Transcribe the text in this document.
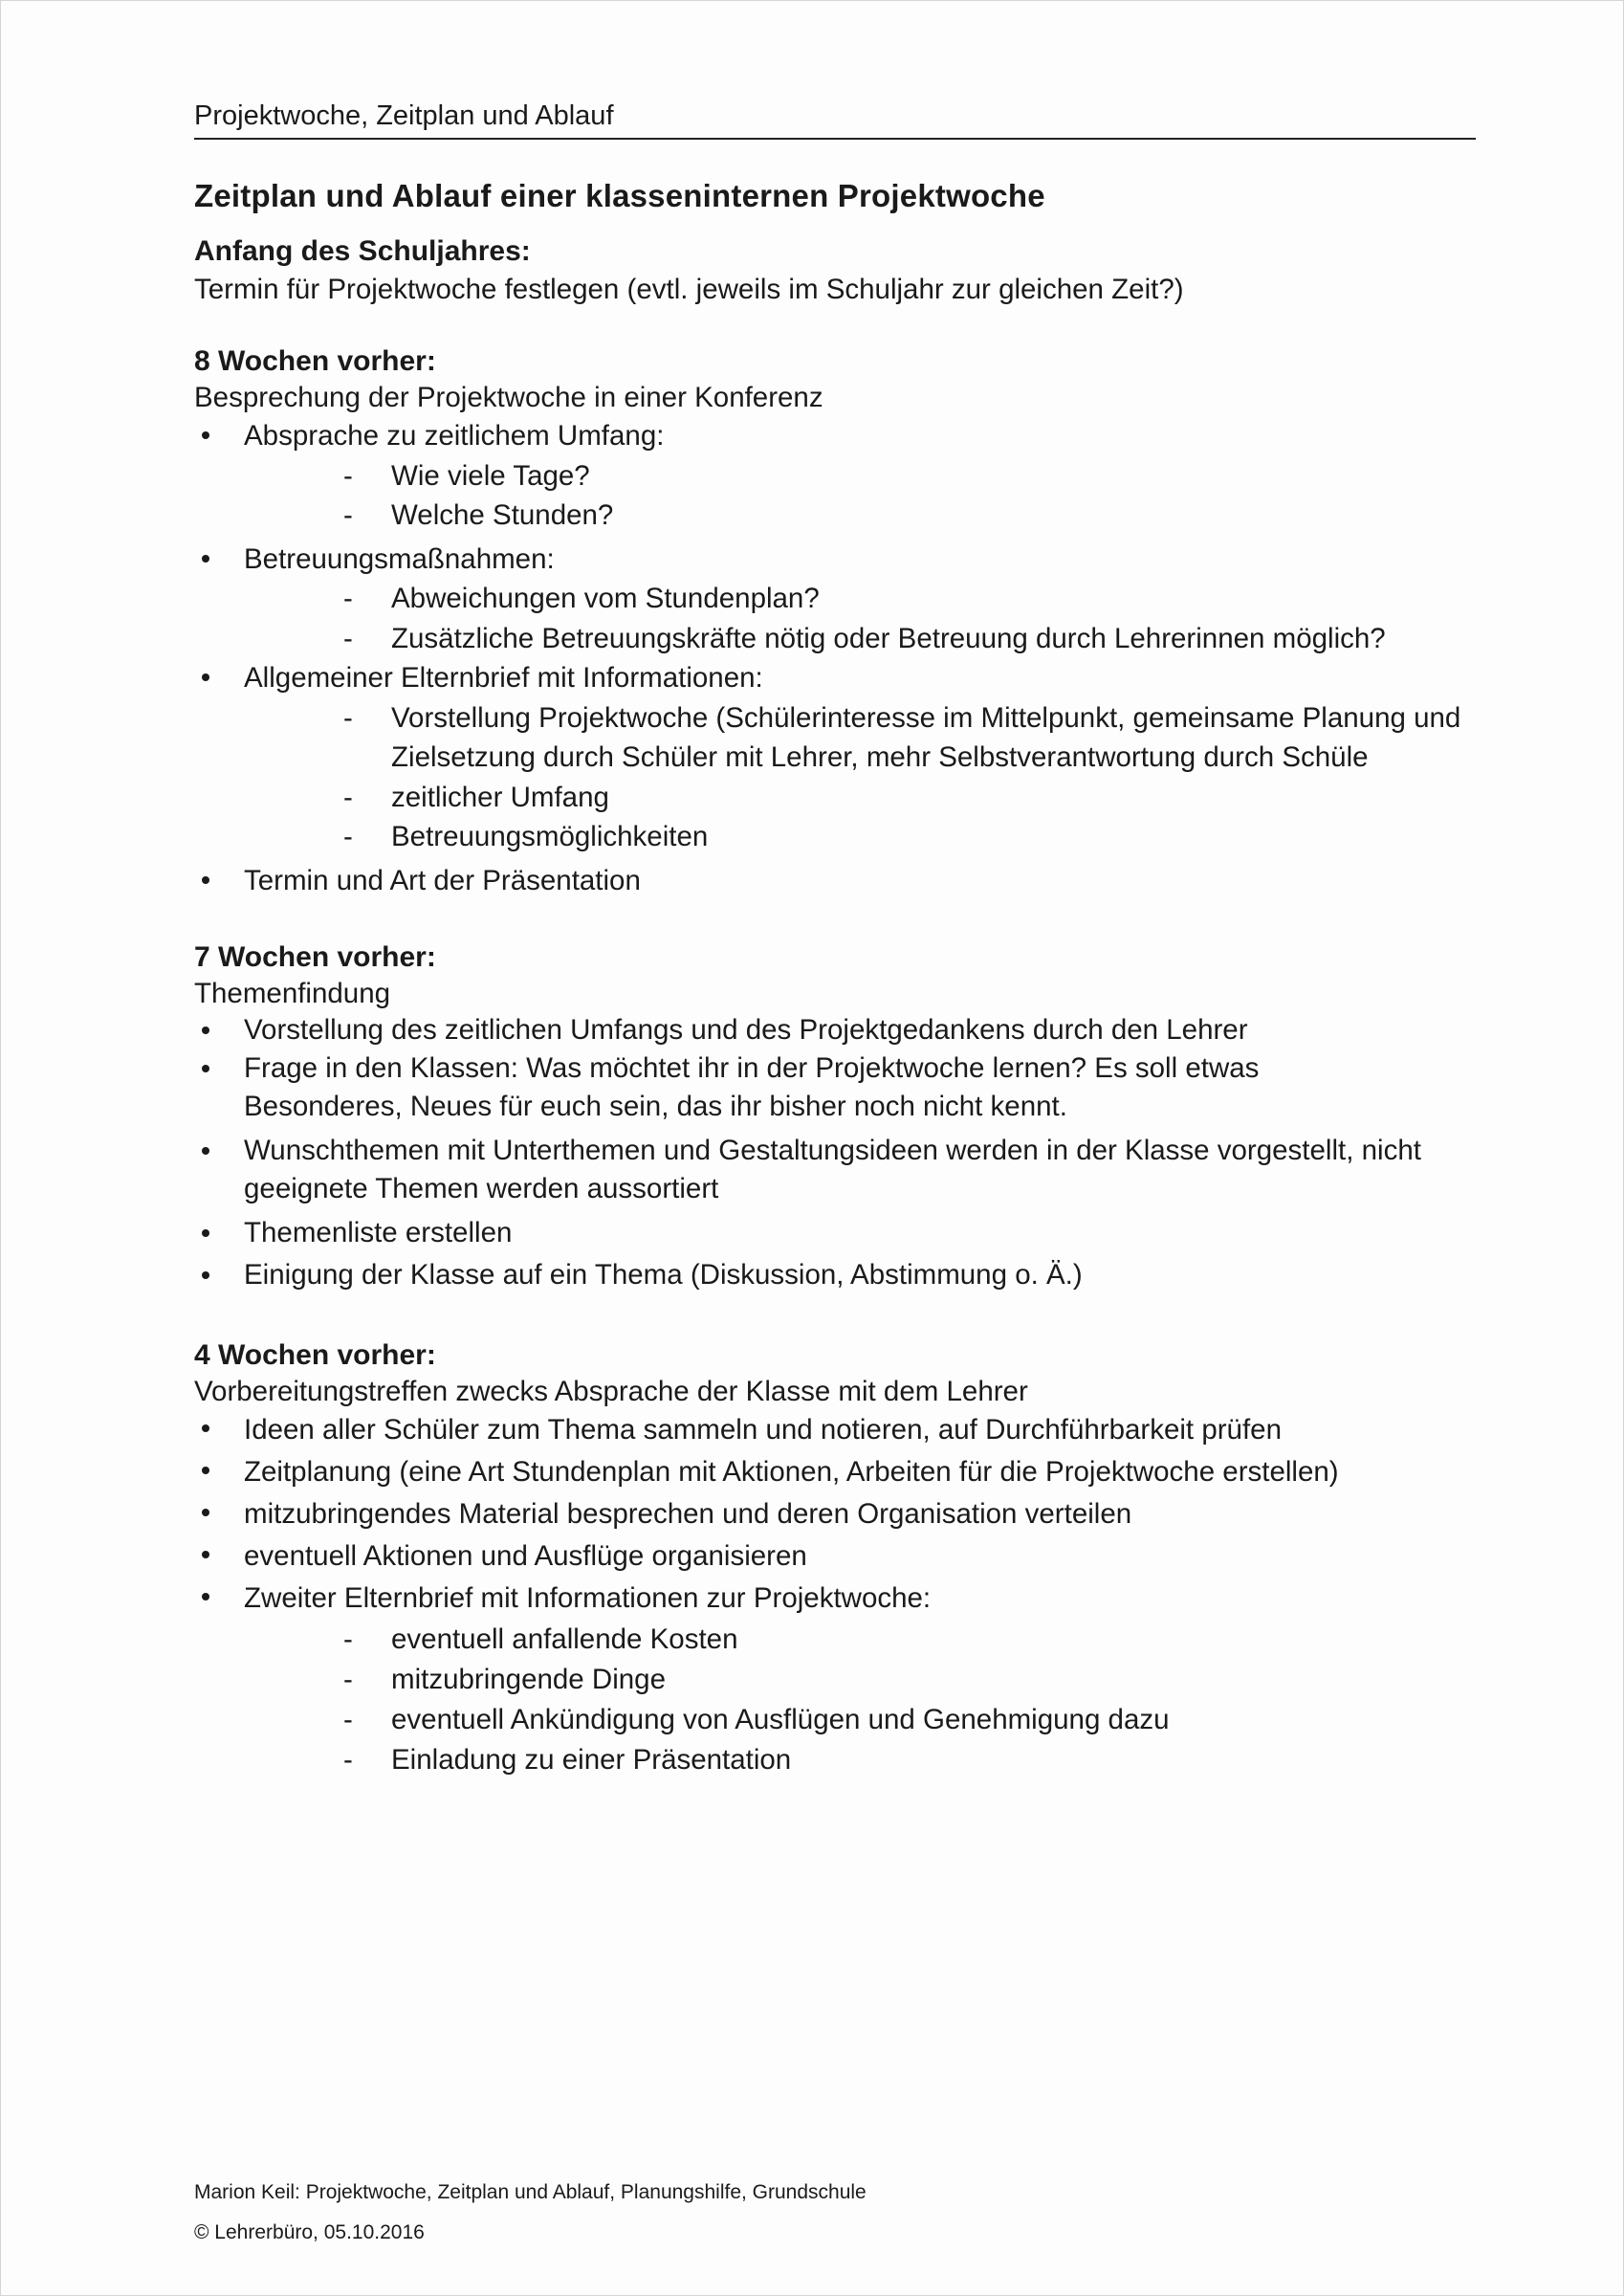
Projektwoche, Zeitplan und Ablauf
Zeitplan und Ablauf einer klasseninternen Projektwoche
Anfang des Schuljahres:
Termin für Projektwoche festlegen (evtl. jeweils im Schuljahr zur gleichen Zeit?)
8 Wochen vorher:
Besprechung der Projektwoche in einer Konferenz
Absprache zu zeitlichem Umfang:
- Wie viele Tage?
- Welche Stunden?
Betreuungsmaßnahmen:
- Abweichungen vom Stundenplan?
- Zusätzliche Betreuungskräfte nötig oder Betreuung durch Lehrerinnen möglich?
Allgemeiner Elternbrief mit Informationen:
- Vorstellung Projektwoche (Schülerinteresse im Mittelpunkt, gemeinsame Planung und Zielsetzung durch Schüler mit Lehrer, mehr Selbstverantwortung durch Schüle
- zeitlicher Umfang
- Betreuungsmöglichkeiten
Termin und Art der Präsentation
7 Wochen vorher:
Themenfindung
Vorstellung des zeitlichen Umfangs und des Projektgedankens durch den Lehrer
Frage in den Klassen: Was möchtet ihr in der Projektwoche lernen? Es soll etwas Besonderes, Neues für euch sein, das ihr bisher noch nicht kennt.
Wunschthemen mit Unterthemen und Gestaltungsideen werden in der Klasse vorgestellt, nicht geeignete Themen werden aussortiert
Themenliste erstellen
Einigung der Klasse auf ein Thema (Diskussion, Abstimmung o. Ä.)
4 Wochen vorher:
Vorbereitungstreffen zwecks Absprache der Klasse mit dem Lehrer
Ideen aller Schüler zum Thema sammeln und notieren, auf Durchführbarkeit prüfen
Zeitplanung (eine Art Stundenplan mit Aktionen, Arbeiten für die Projektwoche erstellen)
mitzubringendes Material besprechen und deren Organisation verteilen
eventuell Aktionen und Ausflüge organisieren
Zweiter Elternbrief mit Informationen zur Projektwoche:
- eventuell anfallende Kosten
- mitzubringende Dinge
- eventuell Ankündigung von Ausflügen und Genehmigung dazu
- Einladung zu einer Präsentation
Marion Keil: Projektwoche, Zeitplan und Ablauf, Planungshilfe, Grundschule
© Lehrerbüro, 05.10.2016
